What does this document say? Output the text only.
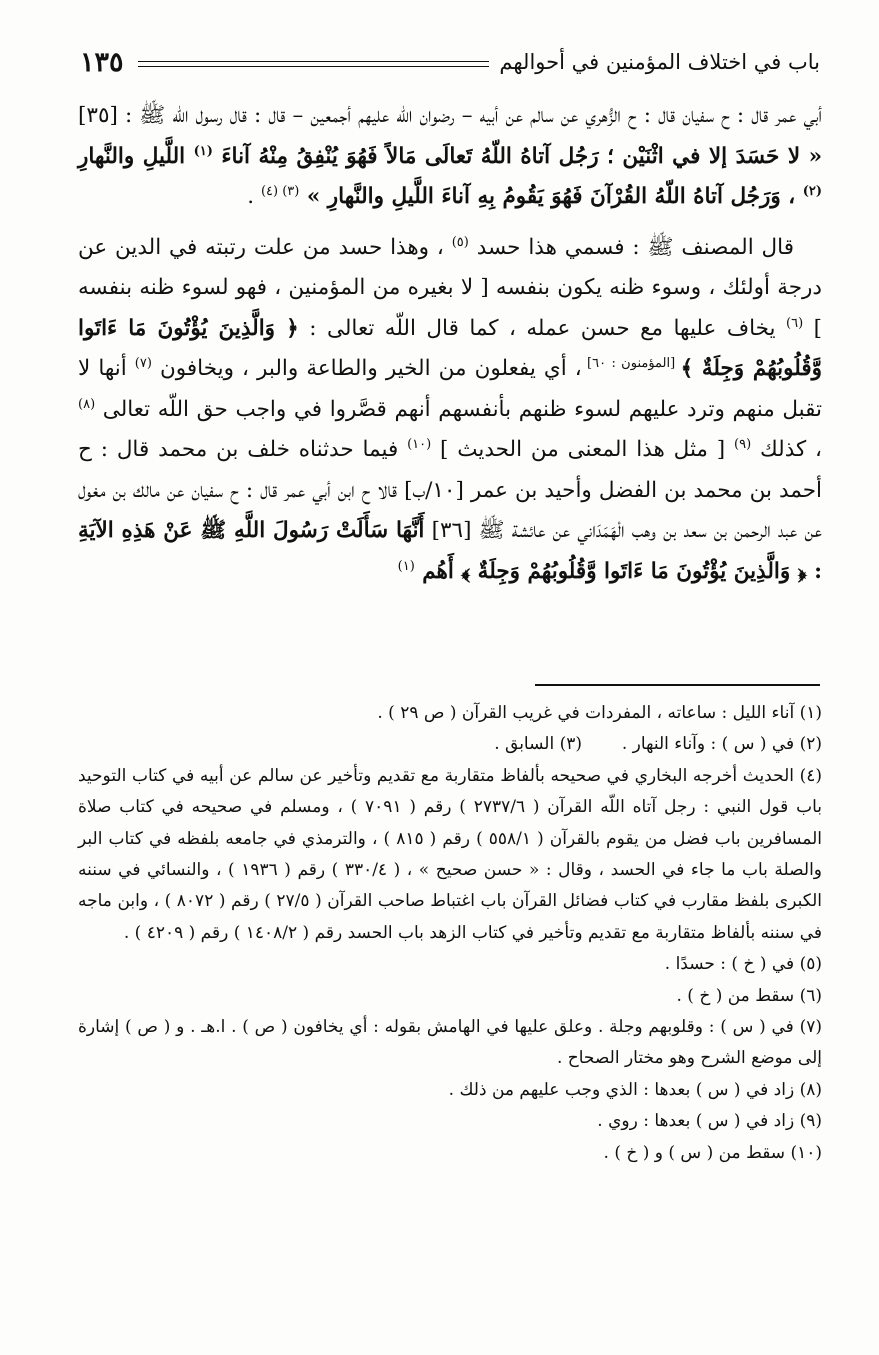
١٣٥	باب في اختلاف المؤمنين في أحوالهم

أبي عمر قال : ح سفيان قال : ح الزُّهري عن سالم عن أبيه – رضوان اللّه عليهم أجمعين – قال : قال رسول اللّه ﷺ : [٣٥] « لا حَسَدَ إلا في اثْنَيْن ؛ رَجُل آتاهُ اللّهُ تَعالَى مَالاً فَهُوَ يُنْفِقُ مِنْهُ آناءَ $^{(١)}$ اللَّيلِ والنَّهارِ $^{(٢)}$ ، وَرَجُل آتاهُ اللّهُ القُرْآنَ فَهُوَ يَقُومُ بِهِ آناءَ اللَّيلِ والنَّهارِ » $^{(٣) (٤)}$ .

قال المصنف ﷺ : فسمي هذا حسد $^{(٥)}$ ، وهذا حسد من علت رتبته في الدين عن درجة أولئك ، وسوء ظنه يكون بنفسه [ لا بغيره من المؤمنين ، فهو لسوء ظنه بنفسه ] $^{(٦)}$ يخاف عليها مع حسن عمله ، كما قال اللّه تعالى : ﴿ وَالَّذِينَ يُؤْتُونَ مَا ءَاتَوا وَّقُلُوبُهُمْ وَجِلَةٌ ﴾ [المؤمنون : ٦٠] ، أي يفعلون من الخير والطاعة والبر ، ويخافون $^{(٧)}$ أنها لا تقبل منهم وترد عليهم لسوء ظنهم بأنفسهم أنهم قصَّروا في واجب حق اللّه تعالى $^{(٨)}$ ، كذلك $^{(٩)}$ [ مثل هذا المعنى من الحديث ] $^{(١٠)}$ فيما حدثناه خلف بن محمد قال : ح أحمد بن محمد بن الفضل وأحيد بن عمر [١٠/ب] قالا ح ابن أبي عمر قال : ح سفيان عن مالك بن مغول عن عبد الرحمن بن سعد بن وهب الْهَمَدَاني عن عائشة ﷺ [٣٦] أَنَّهَا سَأَلَتْ رَسُولَ اللَّهِ ﷺ عَنْ هَذِهِ الآيَةِ : ﴿ وَالَّذِينَ يُؤْتُونَ مَا ءَاتَوا وَّقُلُوبُهُمْ وَجِلَةٌ ﴾ أَهُم $^{(١)}$

(١) آناء الليل : ساعاته ، المفردات في غريب القرآن ( ص ٢٩ ) .

(٢) في ( س ) : وآناء النهار .
(٣) السابق .

(٤) الحديث أخرجه البخاري في صحيحه بألفاظ متقاربة مع تقديم وتأخير عن سالم عن أبيه في كتاب التوحيد باب قول النبي : رجل آتاه اللّه القرآن ( ٢٧٣٧/٦ ) رقم ( ٧٠٩١ ) ، ومسلم في صحيحه في كتاب صلاة المسافرين باب فضل من يقوم بالقرآن ( ٥٥٨/١ ) رقم ( ٨١٥ ) ، والترمذي في جامعه بلفظه في كتاب البر والصلة باب ما جاء في الحسد ، وقال : « حسن صحيح » ، ( ٣٣٠/٤ ) رقم ( ١٩٣٦ ) ، والنسائي في سننه الكبرى بلفظ مقارب في كتاب فضائل القرآن باب اغتباط صاحب القرآن ( ٢٧/٥ ) رقم ( ٨٠٧٢ ) ، وابن ماجه في سننه بألفاظ متقاربة مع تقديم وتأخير في كتاب الزهد باب الحسد رقم ( ١٤٠٨/٢ ) رقم ( ٤٢٠٩ ) .

(٥) في ( خ ) : حسدًا .

(٦) سقط من ( خ ) .

(٧) في ( س ) : وقلوبهم وجلة . وعلق عليها في الهامش بقوله : أي يخافون ( ص ) . ا.هـ . و ( ص ) إشارة إلى موضع الشرح وهو مختار الصحاح .

(٨) زاد في ( س ) بعدها : الذي وجب عليهم من ذلك .

(٩) زاد في ( س ) بعدها : روي .

(١٠) سقط من ( س ) و ( خ ) .
